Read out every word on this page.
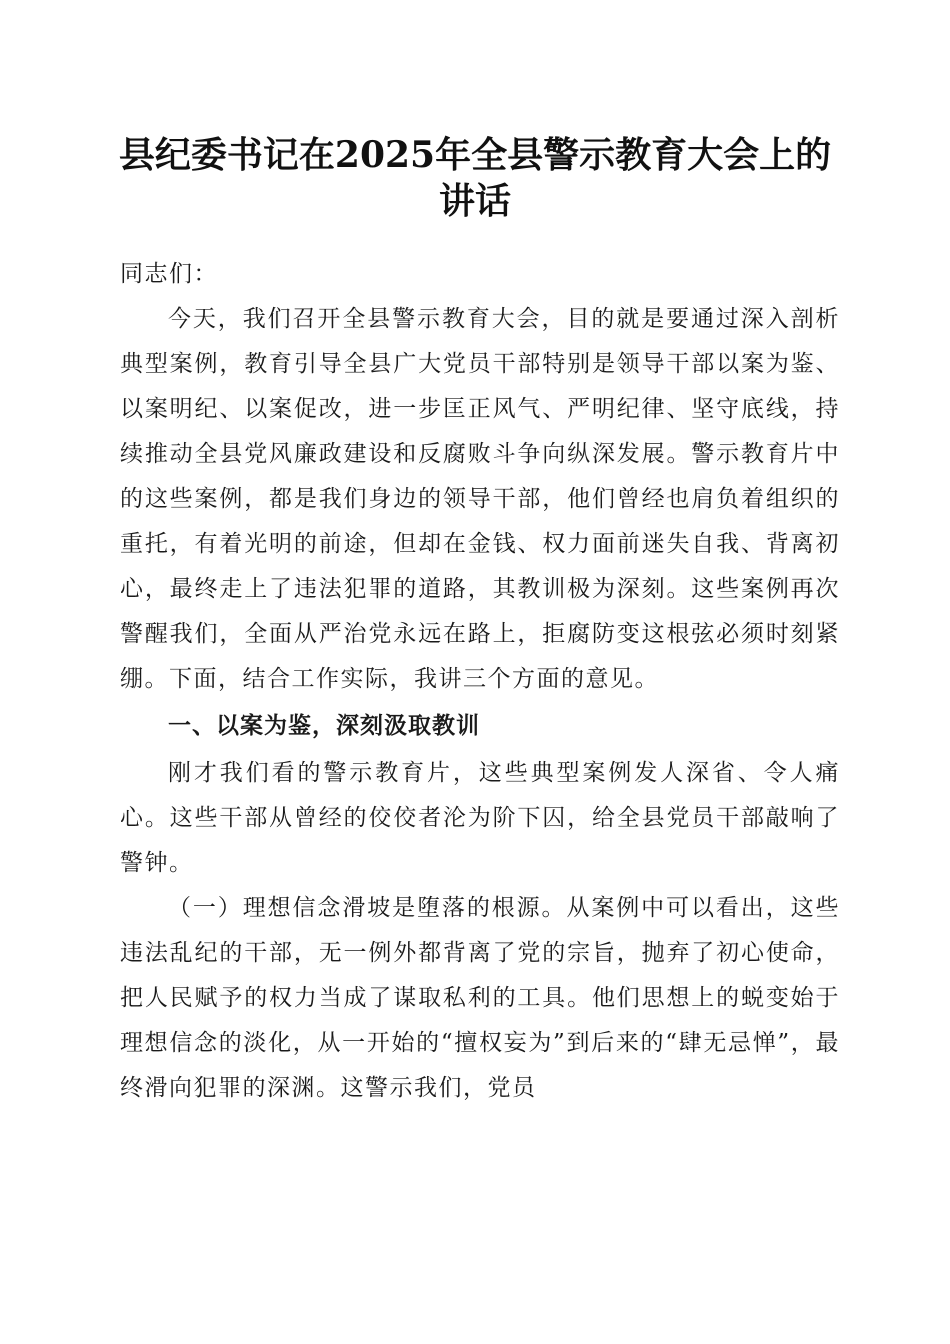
县纪委书记在2025年全县警示教育大会上的讲话

同志们：

今天，我们召开全县警示教育大会，目的就是要通过深入剖析典型案例，教育引导全县广大党员干部特别是领导干部以案为鉴、以案明纪、以案促改，进一步匡正风气、严明纪律、坚守底线，持续推动全县党风廉政建设和反腐败斗争向纵深发展。警示教育片中的这些案例，都是我们身边的领导干部，他们曾经也肩负着组织的重托，有着光明的前途，但却在金钱、权力面前迷失自我、背离初心，最终走上了违法犯罪的道路，其教训极为深刻。这些案例再次警醒我们，全面从严治党永远在路上，拒腐防变这根弦必须时刻紧绷。下面，结合工作实际，我讲三个方面的意见。

一、以案为鉴，深刻汲取教训

刚才我们看的警示教育片，这些典型案例发人深省、令人痛心。这些干部从曾经的佼佼者沦为阶下囚，给全县党员干部敲响了警钟。

（一）理想信念滑坡是堕落的根源。从案例中可以看出，这些违法乱纪的干部，无一例外都背离了党的宗旨，抛弃了初心使命，把人民赋予的权力当成了谋取私利的工具。他们思想上的蜕变始于理想信念的淡化，从一开始的“擅权妄为”到后来的“肆无忌惮”，最终滑向犯罪的深渊。这警示我们，党员
